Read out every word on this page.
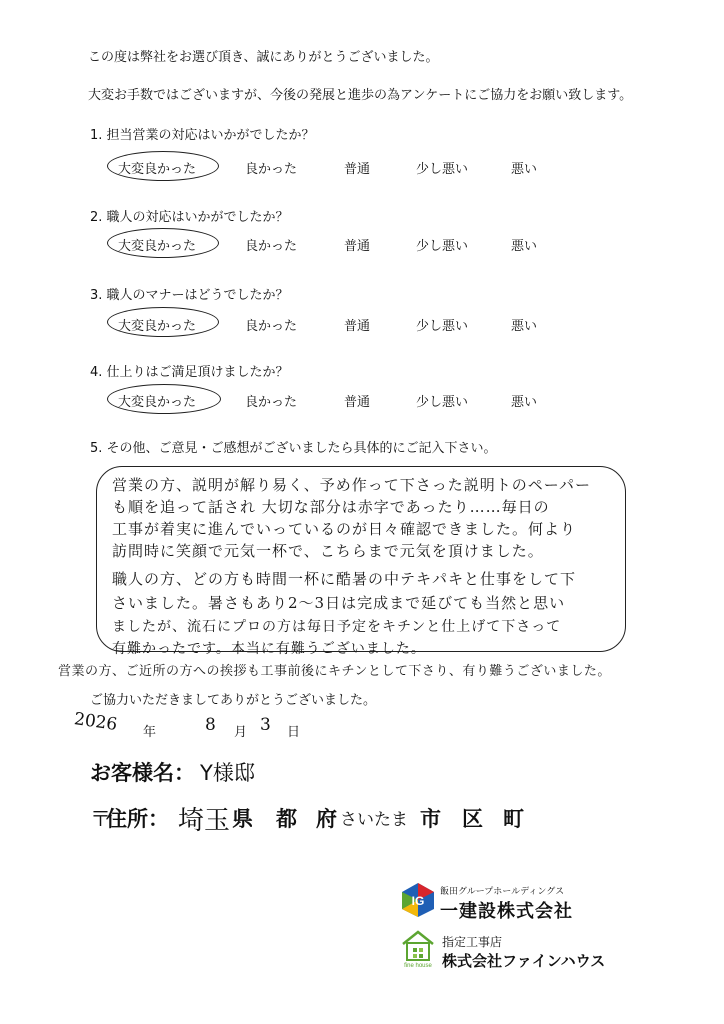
この度は弊社をお選び頂き、誠にありがとうございました。
大変お手数ではございますが、今後の発展と進歩の為アンケートにご協力をお願い致します。
1. 担当営業の対応はいかがでしたか？
大変良かった	良かった	普通	少し悪い	悪い
2. 職人の対応はいかがでしたか？
大変良かった	良かった	普通	少し悪い	悪い
3. 職人のマナーはどうでしたか？
大変良かった	良かった	普通	少し悪い	悪い
4. 仕上りはご満足頂けましたか？
大変良かった	良かった	普通	少し悪い	悪い
5. その他、ご意見・ご感想がございましたら具体的にご記入下さい。
営業の方、説明が解り易く、予め作って下さった説明トのペーパー
も順を追って話され 大切な部分は赤字であったり……毎日の
工事が着実に進んでいっているのが日々確認できました。何より
訪問時に笑顔で元気一杯で、こちらまで元気を頂けました。
職人の方、どの方も時間一杯に酷暑の中テキパキと仕事をして下
さいました。暑さもあり2〜3日は完成まで延びても当然と思い
ましたが、流石にプロの方は毎日予定をキチンと仕上げて下さって
有難かったです。本当に有難うございました。
営業の方、ご近所の方への挨拶も工事前後にキチンとして下さり、有り難うございました。
ご協力いただきましてありがとうございました。
2026 年	8 月 3 日
お客様名： Y様邸
〒
住所： 埼玉 県 都 府 さいたま 市 区 町
IG
飯田グループホールディングス
一建設株式会社
fine house
指定工事店
株式会社ファインハウス
